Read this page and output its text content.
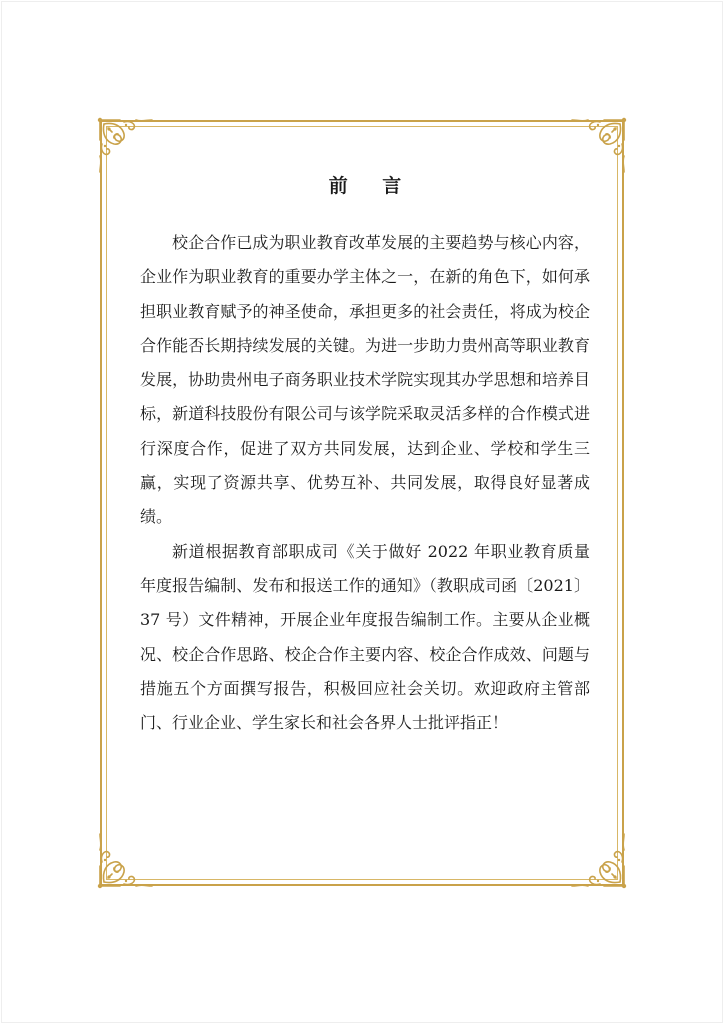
前 言

校企合作已成为职业教育改革发展的主要趋势与核心内容，企业作为职业教育的重要办学主体之一，在新的角色下，如何承担职业教育赋予的神圣使命，承担更多的社会责任，将成为校企合作能否长期持续发展的关键。为进一步助力贵州高等职业教育发展，协助贵州电子商务职业技术学院实现其办学思想和培养目标，新道科技股份有限公司与该学院采取灵活多样的合作模式进行深度合作，促进了双方共同发展，达到企业、学校和学生三赢，实现了资源共享、优势互补、共同发展，取得良好显著成绩。

新道根据教育部职成司《关于做好 2022 年职业教育质量年度报告编制、发布和报送工作的通知》（教职成司函〔2021〕37 号）文件精神，开展企业年度报告编制工作。主要从企业概况、校企合作思路、校企合作主要内容、校企合作成效、问题与措施五个方面撰写报告，积极回应社会关切。欢迎政府主管部门、行业企业、学生家长和社会各界人士批评指正！
